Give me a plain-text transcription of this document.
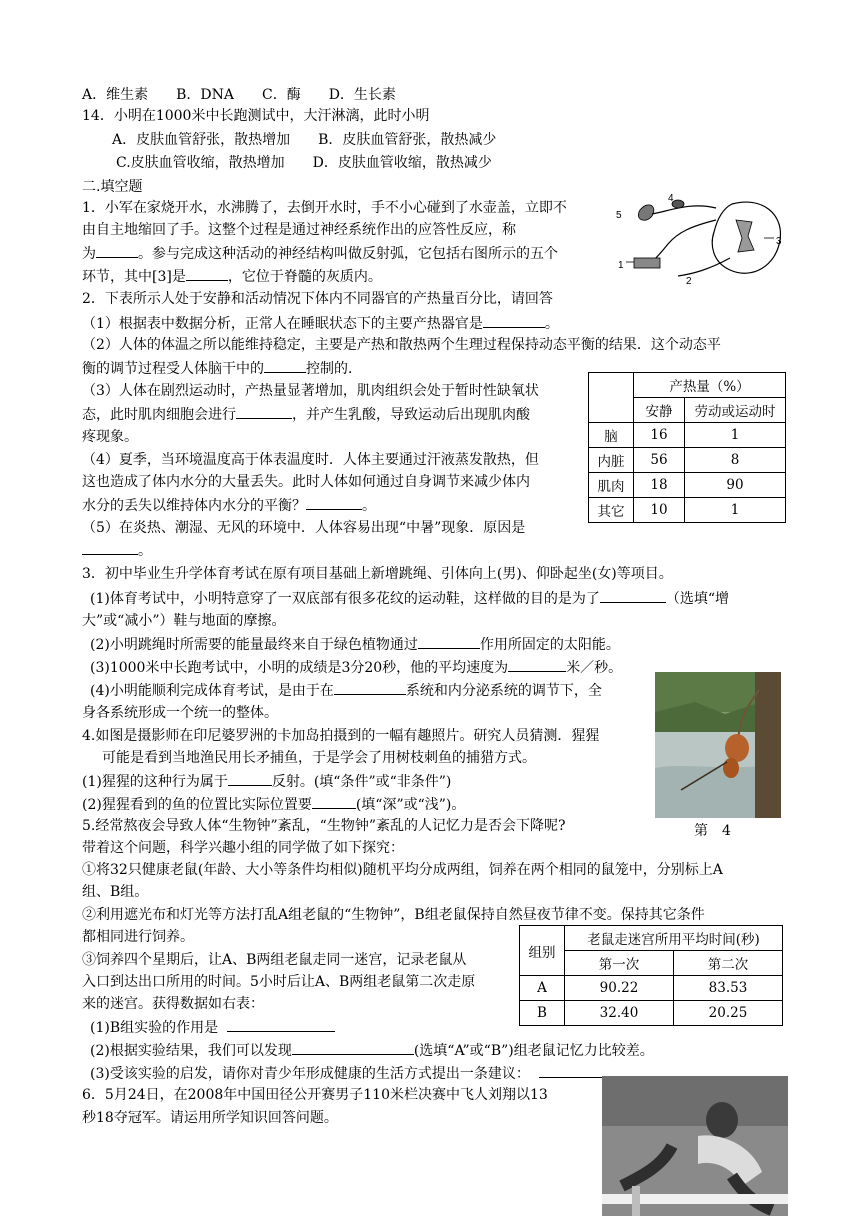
A．维生素　　B．DNA　　C．酶　　D．生长素
14．小明在1000米中长跑测试中，大汗淋漓，此时小明
A．皮肤血管舒张，散热增加　　B．皮肤血管舒张，散热减少
C.皮肤血管收缩，散热增加　　D．皮肤血管收缩，散热减少
二.填空题
1．小军在家烧开水，水沸腾了，去倒开水时，手不小心碰到了水壶盖，立即不
由自主地缩回了手。这整个过程是通过神经系统作出的应答性反应，称
为	。参与完成这种活动的神经结构叫做反射弧，它包括右图所示的五个
环节，其中[3]是	，它位于脊髓的灰质内。
5
4
3
1
2
2．下表所示人处于安静和活动情况下体内不同器官的产热量百分比，请回答
（1）根据表中数据分析，正常人在睡眠状态下的主要产热器官是	。
（2）人体的体温之所以能维持稳定，主要是产热和散热两个生理过程保持动态平衡的结果．这个动态平
衡的调节过程受人体脑干中的	控制的．
（3）人体在剧烈运动时，产热量显著增加，肌肉组织会处于暂时性缺氧状
态，此时肌肉细胞会进行	，并产生乳酸，导致运动后出现肌肉酸
疼现象。
（4）夏季，当环境温度高于体表温度时．人体主要通过汗液蒸发散热，但
这也造成了体内水分的大量丢失。此时人体如何通过自身调节来减少体内
水分的丢失以维持体内水分的平衡？	。
（5）在炎热、潮湿、无风的环境中．人体容易出现“中暑”现象．原因是
。
	产热量（%）	
	安静	劳动或运动时
脑	16	1
内脏	56	8
肌肉	18	90
其它	10	1
3．初中毕业生升学体育考试在原有项目基础上新增跳绳、引体向上(男)、仰卧起坐(女)等项目。
(1)体育考试中，小明特意穿了一双底部有很多花纹的运动鞋，这样做的目的是为了	（选填“增
大”或“减小”）鞋与地面的摩擦。
(2)小明跳绳时所需要的能量最终来自于绿色植物通过	作用所固定的太阳能。
(3)1000米中长跑考试中，小明的成绩是3分20秒，他的平均速度为	米／秒。
(4)小明能顺利完成体育考试，是由于在	系统和内分泌系统的调节下，全
身各系统形成一个统一的整体。
第　4
4.如图是摄影师在印尼婆罗洲的卡加岛拍摄到的一幅有趣照片。研究人员猜测．猩猩
可能是看到当地渔民用长矛捕鱼，于是学会了用树枝刺鱼的捕猎方式。
(1)猩猩的这种行为属于	反射。(填“条件”或“非条件”)
(2)猩猩看到的鱼的位置比实际位置要	(填“深”或“浅”)。
5.经常熬夜会导致人体“生物钟”紊乱，“生物钟”紊乱的人记忆力是否会下降呢?
带着这个问题，科学兴趣小组的同学做了如下探究：
①将32只健康老鼠(年龄、大小等条件均相似)随机平均分成两组，饲养在两个相同的鼠笼中，分别标上A
组、B组。
②利用遮光布和灯光等方法打乱A组老鼠的“生物钟”，B组老鼠保持自然昼夜节律不变。保持其它条件
都相同进行饲养。
③饲养四个星期后，让A、B两组老鼠走同一迷宫，记录老鼠从
入口到达出口所用的时间。5小时后让A、B两组老鼠第二次走原
来的迷宫。获得数据如右表：
(1)B组实验的作用是
(2)根据实验结果，我们可以发现	(选填“A”或“B”)组老鼠记忆力比较差。
(3)受该实验的启发，请你对青少年形成健康的生活方式提出一条建议：
组别	老鼠走迷宫所用平均时间(秒)	
	第一次	第二次
A	90.22	83.53
B	32.40	20.25
6．5月24日，在2008年中国田径公开赛男子110米栏决赛中飞人刘翔以13
秒18夺冠军。请运用所学知识回答问题。
